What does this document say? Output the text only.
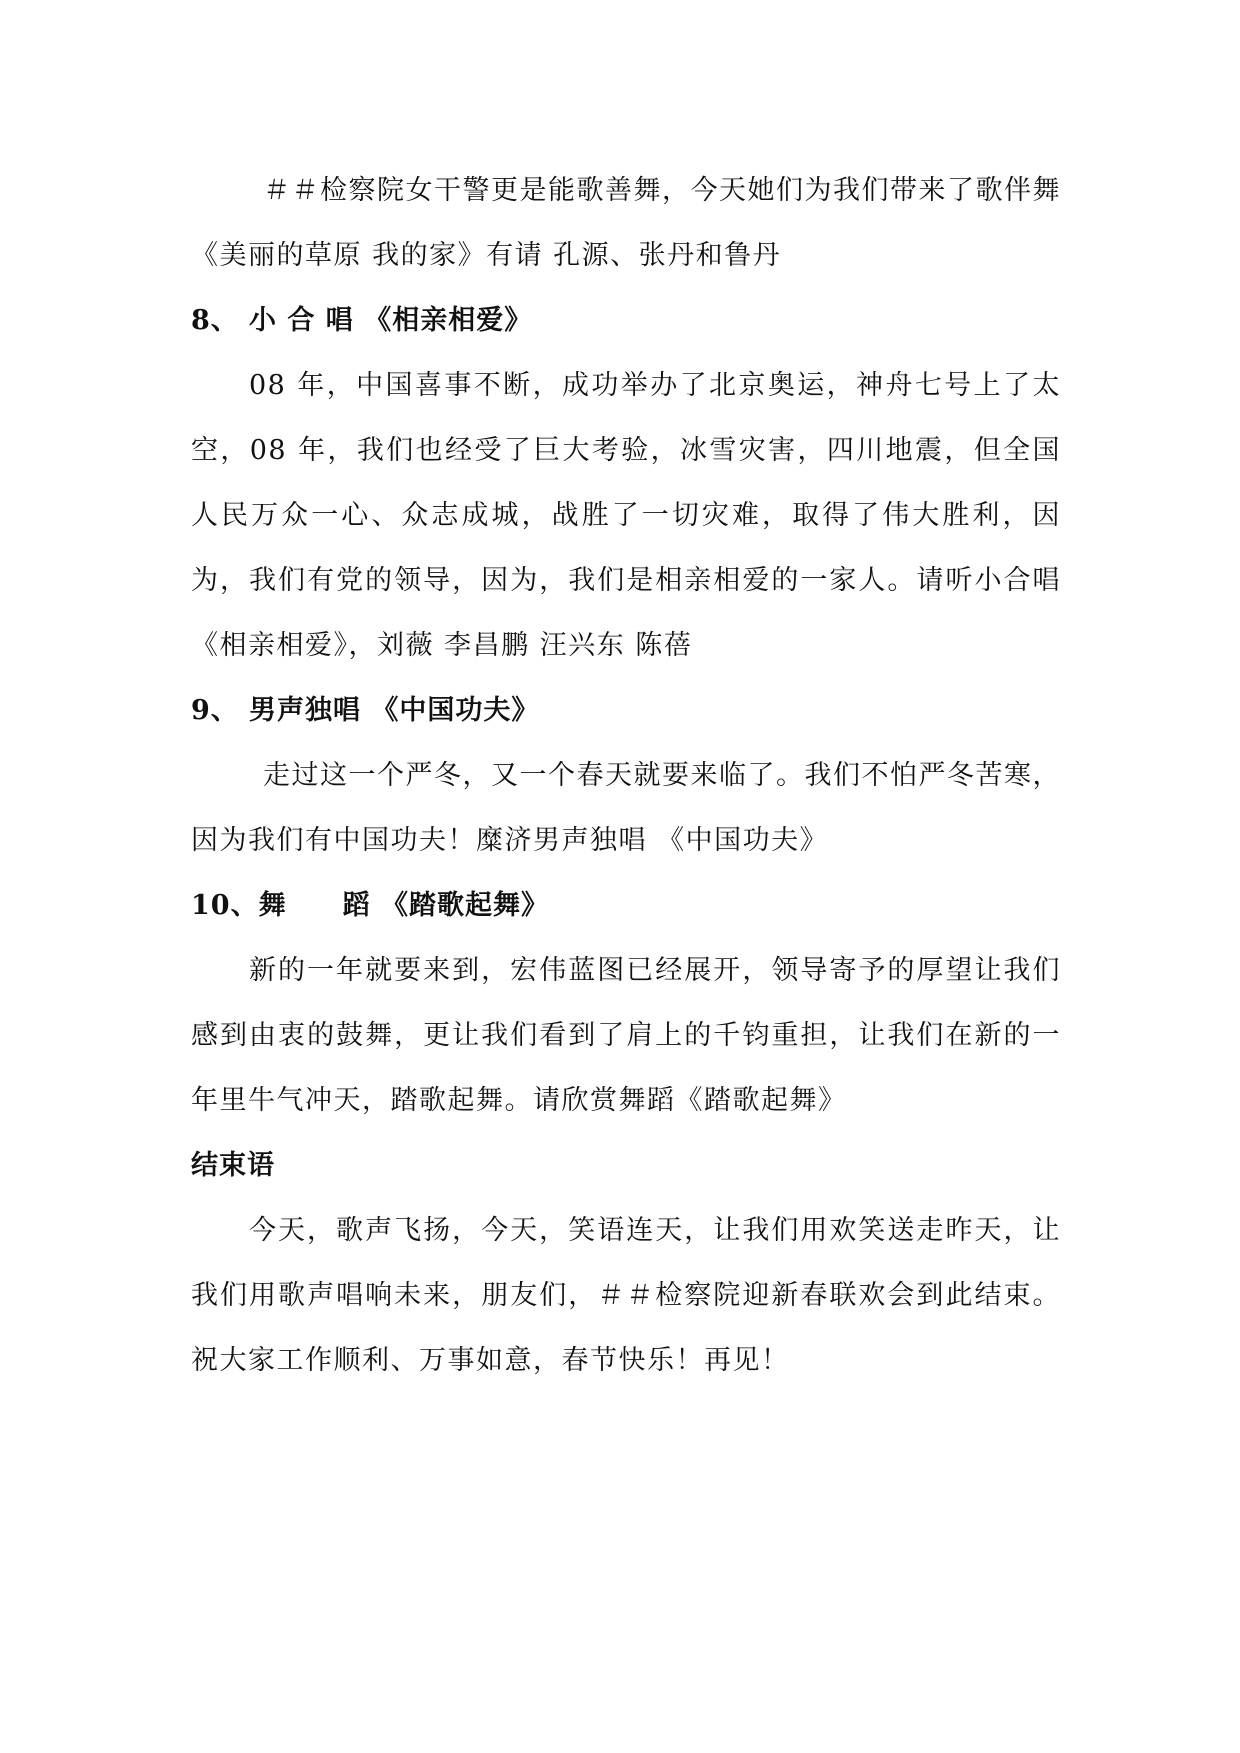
＃＃检察院女干警更是能歌善舞，今天她们为我们带来了歌伴舞《美丽的草原 我的家》有请 孔源、张丹和鲁丹

8、 小 合 唱 《相亲相爱》

08 年，中国喜事不断，成功举办了北京奥运，神舟七号上了太空，08 年，我们也经受了巨大考验，冰雪灾害，四川地震，但全国人民万众一心、众志成城，战胜了一切灾难，取得了伟大胜利，因为，我们有党的领导，因为，我们是相亲相爱的一家人。请听小合唱《相亲相爱》，刘薇 李昌鹏 汪兴东 陈蓓

9、 男声独唱 《中国功夫》

走过这一个严冬，又一个春天就要来临了。我们不怕严冬苦寒，因为我们有中国功夫！糜济男声独唱 《中国功夫》

10、舞　　蹈 《踏歌起舞》

新的一年就要来到，宏伟蓝图已经展开，领导寄予的厚望让我们感到由衷的鼓舞，更让我们看到了肩上的千钧重担，让我们在新的一年里牛气冲天，踏歌起舞。请欣赏舞蹈《踏歌起舞》

结束语

今天，歌声飞扬，今天，笑语连天，让我们用欢笑送走昨天，让我们用歌声唱响未来，朋友们，＃＃检察院迎新春联欢会到此结束。祝大家工作顺利、万事如意，春节快乐！再见！
